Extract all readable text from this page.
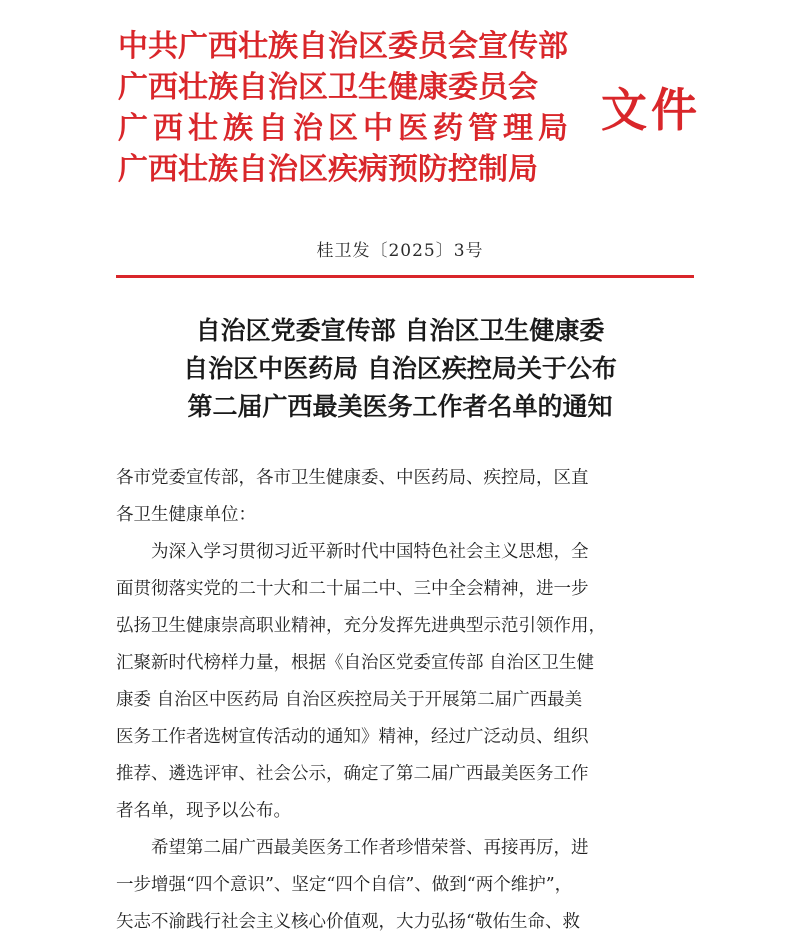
中共广西壮族自治区委员会宣传部
广西壮族自治区卫生健康委员会
广西壮族自治区中医药管理局
广西壮族自治区疾病预防控制局
文件
桂卫发〔2025〕3号
自治区党委宣传部 自治区卫生健康委
自治区中医药局 自治区疾控局关于公布
第二届广西最美医务工作者名单的通知
各市党委宣传部，各市卫生健康委、中医药局、疾控局，区直
各卫生健康单位：
为深入学习贯彻习近平新时代中国特色社会主义思想，全
面贯彻落实党的二十大和二十届二中、三中全会精神，进一步
弘扬卫生健康崇高职业精神，充分发挥先进典型示范引领作用，
汇聚新时代榜样力量，根据《自治区党委宣传部 自治区卫生健
康委 自治区中医药局 自治区疾控局关于开展第二届广西最美
医务工作者选树宣传活动的通知》精神，经过广泛动员、组织
推荐、遴选评审、社会公示，确定了第二届广西最美医务工作
者名单，现予以公布。
希望第二届广西最美医务工作者珍惜荣誉、再接再厉，进
一步增强“四个意识”、坚定“四个自信”、做到“两个维护”，
矢志不渝践行社会主义核心价值观，大力弘扬“敬佑生命、救
